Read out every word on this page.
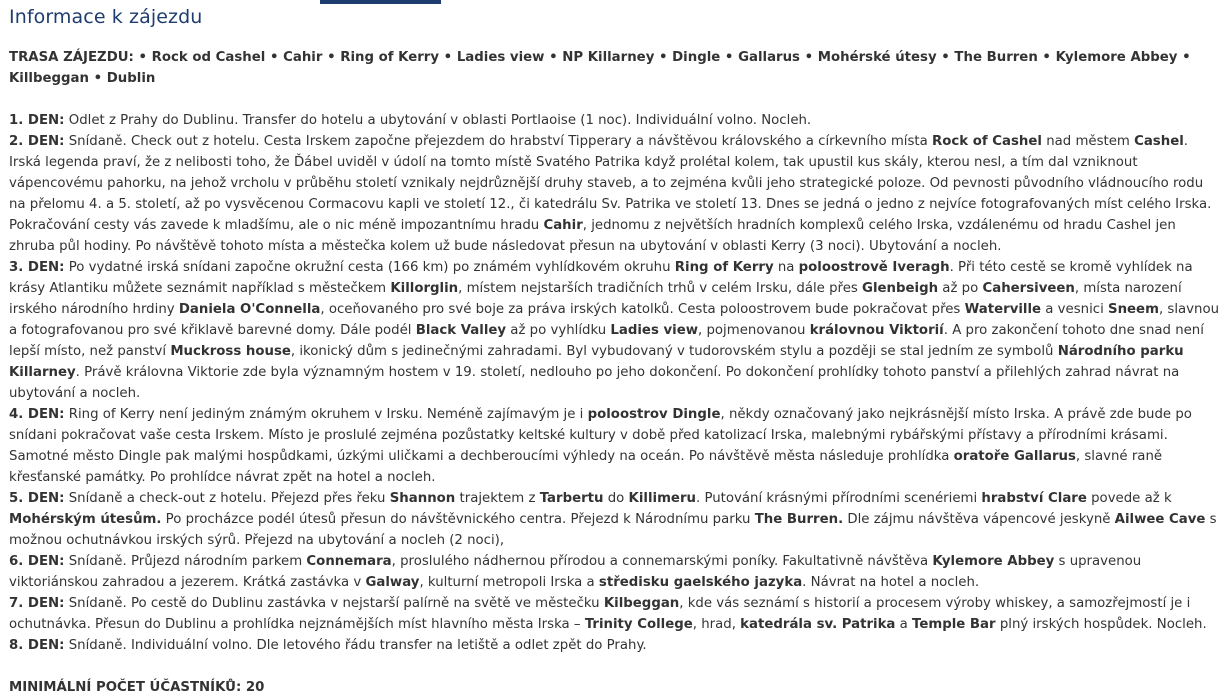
Informace k zájezdu
TRASA ZÁJEZDU: • Rock od Cashel • Cahir • Ring of Kerry • Ladies view • NP Killarney • Dingle • Gallarus • Mohérské útesy • The Burren • Kylemore Abbey • Killbeggan • Dublin

1. DEN: Odlet z Prahy do Dublinu. Transfer do hotelu a ubytování v oblasti Portlaoise (1 noc). Individuální volno. Nocleh.

2. DEN: Snídaně. Check out z hotelu. Cesta Irskem započne přejezdem do hrabství Tipperary a návštěvou královského a církevního místa Rock of Cashel nad městem Cashel. Irská legenda praví, že z nelibosti toho, že Ďábel uviděl v údolí na tomto místě Svatého Patrika když prolétal kolem, tak upustil kus skály, kterou nesl, a tím dal vzniknout vápencovému pahorku, na jehož vrcholu v průběhu století vznikaly nejdrůznější druhy staveb, a to zejména kvůli jeho strategické poloze. Od pevnosti původního vládnoucího rodu na přelomu 4. a 5. století, až po vysvěcenou Cormacovu kapli ve století 12., či katedrálu Sv. Patrika ve století 13. Dnes se jedná o jedno z nejvíce fotografovaných míst celého Irska. Pokračování cesty vás zavede k mladšímu, ale o nic méně impozantnímu hradu Cahir, jednomu z největších hradních komplexů celého Irska, vzdálenému od hradu Cashel jen zhruba půl hodiny. Po návštěvě tohoto místa a městečka kolem už bude následovat přesun na ubytování v oblasti Kerry (3 noci). Ubytování a nocleh.

3. DEN: Po vydatné irská snídani započne okružní cesta (166 km) po známém vyhlídkovém okruhu Ring of Kerry na poloostrově Iveragh. Při této cestě se kromě vyhlídek na krásy Atlantiku můžete seznámit například s městečkem Killorglin, místem nejstarších tradičních trhů v celém Irsku, dále přes Glenbeigh až po Cahersiveen, místa narození irského národního hrdiny Daniela O'Connella, oceňovaného pro své boje za práva irských katolků. Cesta poloostrovem bude pokračovat přes Waterville a vesnici Sneem, slavnou a fotografovanou pro své křiklavě barevné domy. Dále podél Black Valley až po vyhlídku Ladies view, pojmenovanou královnou Viktorií. A pro zakončení tohoto dne snad není lepší místo, než panství Muckross house, ikonický dům s jedinečnými zahradami. Byl vybudovaný v tudorovském stylu a později se stal jedním ze symbolů Národního parku Killarney. Právě královna Viktorie zde byla významným hostem v 19. století, nedlouho po jeho dokončení. Po dokončení prohlídky tohoto panství a přilehlých zahrad návrat na ubytování a nocleh.

4. DEN: Ring of Kerry není jediným známým okruhem v Irsku. Neméně zajímavým je i poloostrov Dingle, někdy označovaný jako nejkrásnější místo Irska. A právě zde bude po snídani pokračovat vaše cesta Irskem. Místo je proslulé zejména pozůstatky keltské kultury v době před katolizací Irska, malebnými rybářskými přístavy a přírodními krásami. Samotné město Dingle pak malými hospůdkami, úzkými uličkami a dechberoucími výhledy na oceán. Po návštěvě města následuje prohlídka oratoře Gallarus, slavné raně křesťanské památky. Po prohlídce návrat zpět na hotel a nocleh.

5. DEN: Snídaně a check-out z hotelu. Přejezd přes řeku Shannon trajektem z Tarbertu do Killimeru. Putování krásnými přírodními scenériemi hrabství Clare povede až k Mohérským útesům. Po procházce podél útesů přesun do návštěvnického centra. Přejezd k Národnímu parku The Burren. Dle zájmu návštěva vápencové jeskyně Ailwee Cave s možnou ochutnávkou irských sýrů. Přejezd na ubytování a nocleh (2 noci),

6. DEN: Snídaně. Průjezd národním parkem Connemara, proslulého nádhernou přírodou a connemarskými poníky. Fakultativně návštěva Kylemore Abbey s upravenou viktoriánskou zahradou a jezerem. Krátká zastávka v Galway, kulturní metropoli Irska a středisku gaelského jazyka. Návrat na hotel a nocleh.

7. DEN: Snídaně. Po cestě do Dublinu zastávka v nejstarší palírně na světě ve městečku Kilbeggan, kde vás seznámí s historií a procesem výroby whiskey, a samozřejmostí je i ochutnávka. Přesun do Dublinu a prohlídka nejznámějších míst hlavního města Irska – Trinity College, hrad, katedrála sv. Patrika a Temple Bar plný irských hospůdek. Nocleh.

8. DEN: Snídaně. Individuální volno. Dle letového řádu transfer na letiště a odlet zpět do Prahy.

MINIMÁLNÍ POČET ÚČASTNÍKŮ: 20
